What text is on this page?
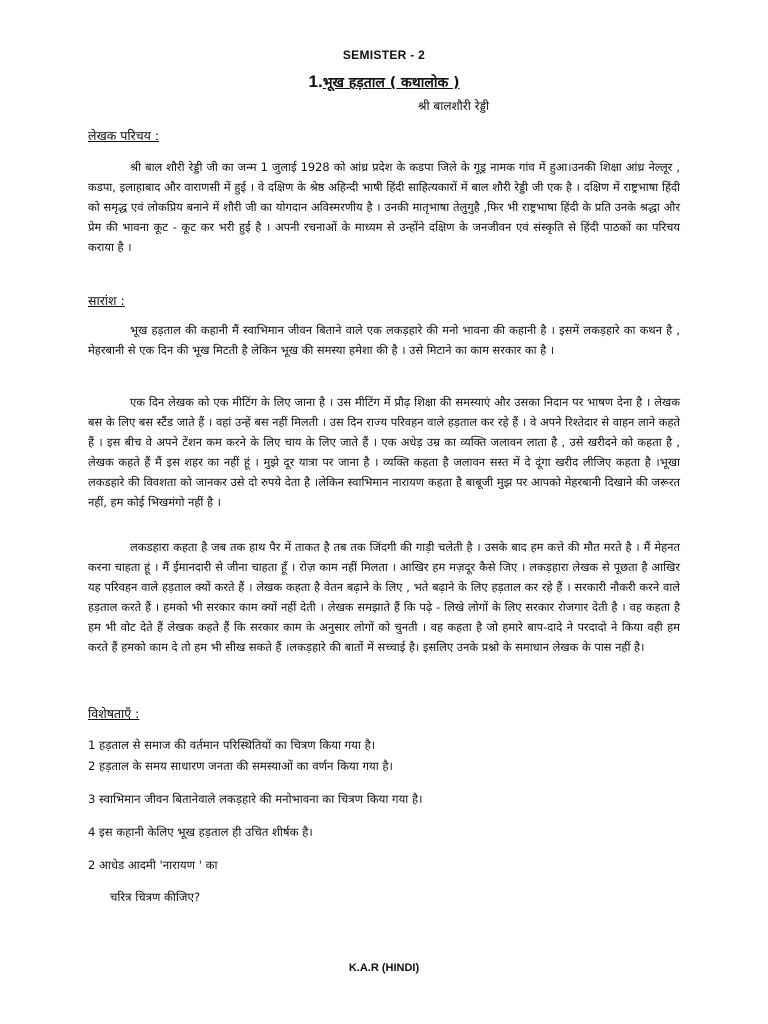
SEMISTER - 2
1.भूख हड़ताल ( कथालोक )
श्री बालशौरी रेड्डी
लेखक परिचय :
श्री बाल शौरी रेड्डी जी का जन्म 1 जुलाई 1928 को आंध्र प्रदेश के कडपा जिले के गूड्र नामक गांव में हुआ।उनकी शिक्षा आंध्र नेल्लूर , कडपा, इलाहाबाद और वाराणसी में हुई । वे दक्षिण के श्रेष्ठ अहिन्दी भाषी हिंदी साहित्यकारों में बाल शौरी रेड्डी जी एक है । दक्षिण में राष्ट्रभाषा हिंदी को समृद्ध एवं लोकप्रिय बनाने में शौरी जी का योगदान अविस्मरणीय है । उनकी मातृभाषा तेलुगुहै ,फिर भी राष्ट्रभाषा हिंदी के प्रति उनके श्रद्धा और प्रेम की भावना कूट - कूट कर भरी हुई है । अपनी रचनाओं के माध्यम से उन्होंने दक्षिण के जनजीवन एवं संस्कृति से हिंदी पाठकों का परिचय कराया है ।
सारांश :
भूख हड़ताल की कहानी मैं स्वाभिमान जीवन बिताने वाले एक लकड़हारे की मनो भावना की कहानी है । इसमें लकड़हारे का कथन है , मेहरबानी से एक दिन की भूख मिटती है लेकिन भूख की समस्या हमेशा की है । उसे मिटाने का काम सरकार का है ।
एक दिन लेखक को एक मीटिंग के लिए जाना है । उस मीटिंग में प्रौढ़ शिक्षा की समस्याएं और उसका निदान पर भाषण देना है । लेखक बस के लिए बस स्टैंड जाते हैं । वहां उन्हें बस नहीं मिलती । उस दिन राज्य परिवहन वाले हड़ताल कर रहे हैं । वे अपने रिश्तेदार से वाहन लाने कहते हैं । इस बीच वे अपने टेंशन कम करने के लिए चाय के लिए जाते हैं । एक अधेड़ उम्र का व्यक्ति जलावन लाता है , उसे खरीदने को कहता है , लेखक कहते हैं मैं इस शहर का नहीं हूं । मुझे दूर यात्रा पर जाना है । व्यक्ति कहता है जलावन सस्त में दे दूंगा खरीद लीजिए कहता है ।भूखा लकडहारे की विवशता को जानकर उसे दो रुपये देता है ।लेकिन स्वाभिमान नारायण कहता है बाबूजी मुझ पर आपको मेहरबानी दिखाने की जरूरत नहीं, हम कोई भिखमंगो नहीं है ।
लकडहारा कहता है जब तक हाथ पैर में ताकत है तब तक जिंदगी की गाड़ी चलेती है । उसके बाद हम कत्ते की मौत मरते है । मैं मेहनत करना चाहता हूं । मैं ईमानदारी से जीना चाहता हूँ । रोज़ काम नहीं मिलता । आखिर हम मज़दूर कैसे जिए । लकड़हारा लेखक से पूछता है आखिर यह परिवहन वाले हड़ताल क्यों करते हैं । लेखक कहता है वेतन बढ़ाने के लिए , भते बढ़ाने के लिए हड़ताल कर रहे हैं । सरकारी नौकरी करने वाले हड़ताल करते हैं । हमको भी सरकार काम क्यों नहीं देती । लेखक समझाते हैं कि पढ़े - लिखे लोगों के लिए सरकार रोजगार देती है । वह कहता है हम भी वोट देते हैं लेखक कहते हैं कि सरकार काम के अनुसार लोगों को चुनती । वह कहता है जो हमारे बाप-दादे ने परदादो ने किया वही हम करते हैं हमको काम दे तो हम भी सीख सकते हैं ।लकड़हारे की बातों में सच्चाई है। इसलिए उनके प्रश्नो के समाधान लेखक के पास नहीं है।
विशेषताएँ :
1 हड़ताल से समाज की वर्तमान परिस्थितियों का चित्रण किया गया है।
2 हड़ताल के समय साधारण जनता की समस्याओं का वर्णन किया गया है।
3 स्वाभिमान जीवन बितानेवाले लकड़हारे की मनोभावना का चित्रण किया गया है।
4 इस कहानी केलिए भूख हड़ताल ही उचित शीर्षक है।
2 आधेड आदमी 'नारायण ' का
चरित्र चित्रण कीजिए?
K.A.R (HINDI)
